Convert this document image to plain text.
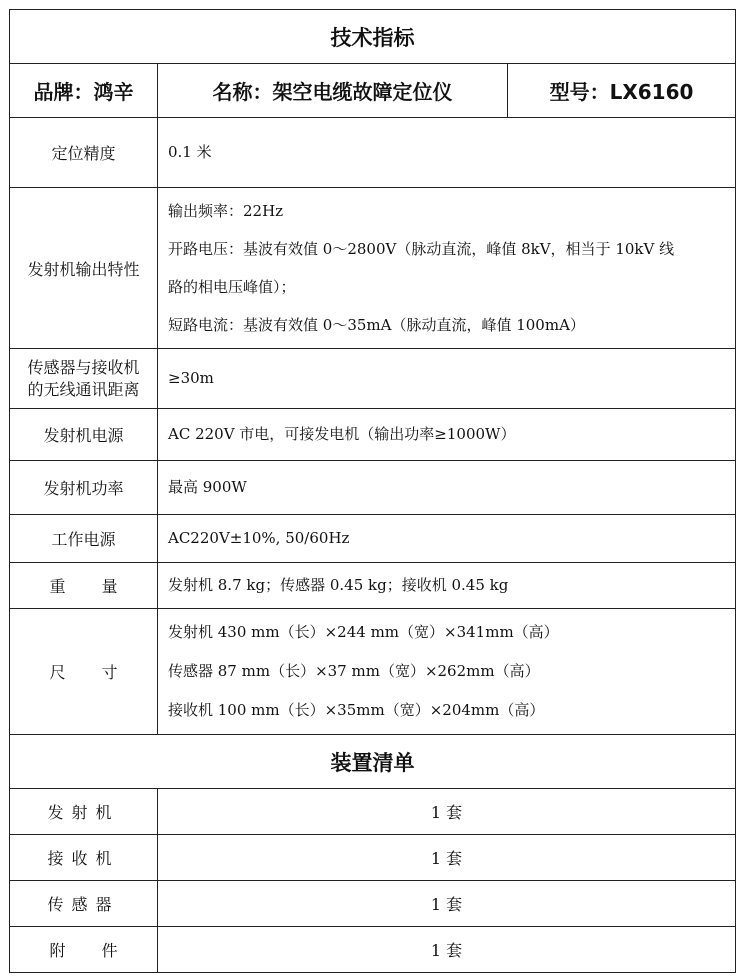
技术指标		
品牌：鸿辛	名称：架空电缆故障定位仪	型号：LX6160
定位精度	0.1 米	

发射机输出特性	输出频率：22Hz
开路电压：基波有效值 0～2800V（脉动直流，峰值 8kV，相当于 10kV 线
路的相电压峰值）；
短路电流：基波有效值 0～35mA（脉动直流，峰值 100mA）	

传感器与接收机
的无线通讯距离	≥30m	

发射机电源	AC 220V 市电，可接发电机（输出功率≥1000W）	

发射机功率	最高 900W	

工作电源	AC220V±10%, 50/60Hz	

重量	发射机 8.7 kg；传感器 0.45 kg；接收机 0.45 kg	

尺寸	发射机 430 mm（长）×244 mm（宽）×341mm（高）
传感器 87 mm（长）×37 mm（宽）×262mm（高）
接收机 100 mm（长）×35mm（宽）×204mm（高）	

装置清单		
发射机	1 套	
接收机	1 套	
传感器	1 套	
附件	1 套	
